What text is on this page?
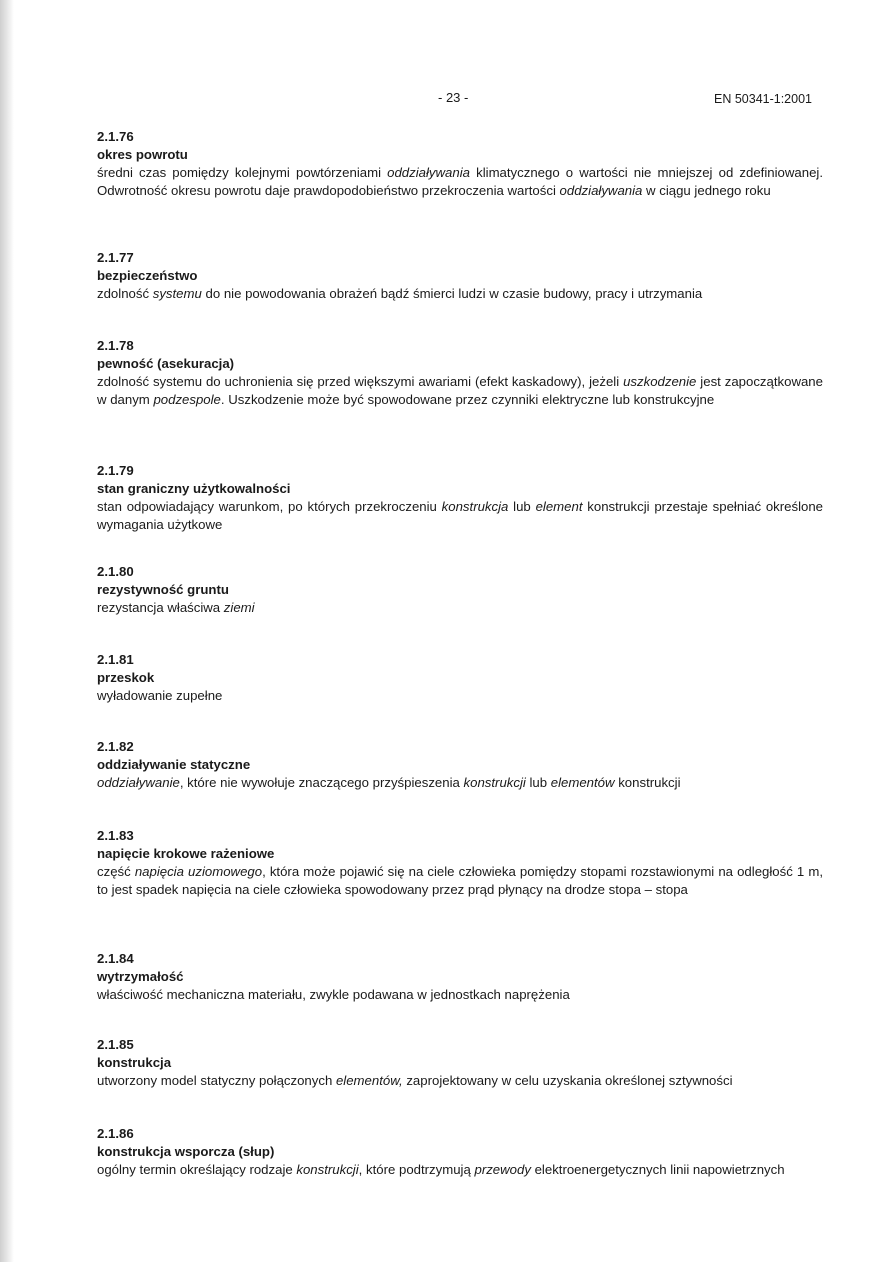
- 23 -	EN 50341-1:2001
2.1.76
okres powrotu
średni czas pomiędzy kolejnymi powtórzeniami oddziaływania klimatycznego o wartości nie mniejszej od zdefiniowanej. Odwrotność okresu powrotu daje prawdopodobieństwo przekroczenia wartości oddziaływania w ciągu jednego roku
2.1.77
bezpieczeństwo
zdolność systemu do nie powodowania obrażeń bądź śmierci ludzi w czasie budowy, pracy i utrzymania
2.1.78
pewność (asekuracja)
zdolność systemu do uchronienia się przed większymi awariami (efekt kaskadowy), jeżeli uszkodzenie jest zapoczątkowane w danym podzespole. Uszkodzenie może być spowodowane przez czynniki elektryczne lub konstrukcyjne
2.1.79
stan graniczny użytkowalności
stan odpowiadający warunkom, po których przekroczeniu konstrukcja lub element konstrukcji przestaje spełniać określone wymagania użytkowe
2.1.80
rezystywność gruntu
rezystancja właściwa ziemi
2.1.81
przeskok
wyładowanie zupełne
2.1.82
oddziaływanie statyczne
oddziaływanie, które nie wywołuje znaczącego przyśpieszenia konstrukcji lub elementów konstrukcji
2.1.83
napięcie krokowe rażeniowe
część napięcia uziomowego, która może pojawić się na ciele człowieka pomiędzy stopami rozstawionymi na odległość 1 m, to jest spadek napięcia na ciele człowieka spowodowany przez prąd płynący na drodze stopa – stopa
2.1.84
wytrzymałość
właściwość mechaniczna materiału, zwykle podawana w jednostkach naprężenia
2.1.85
konstrukcja
utworzony model statyczny połączonych elementów, zaprojektowany w celu uzyskania określonej sztywności
2.1.86
konstrukcja wsporcza (słup)
ogólny termin określający rodzaje konstrukcji, które podtrzymują przewody elektroenergetycznych linii napowietrznych
